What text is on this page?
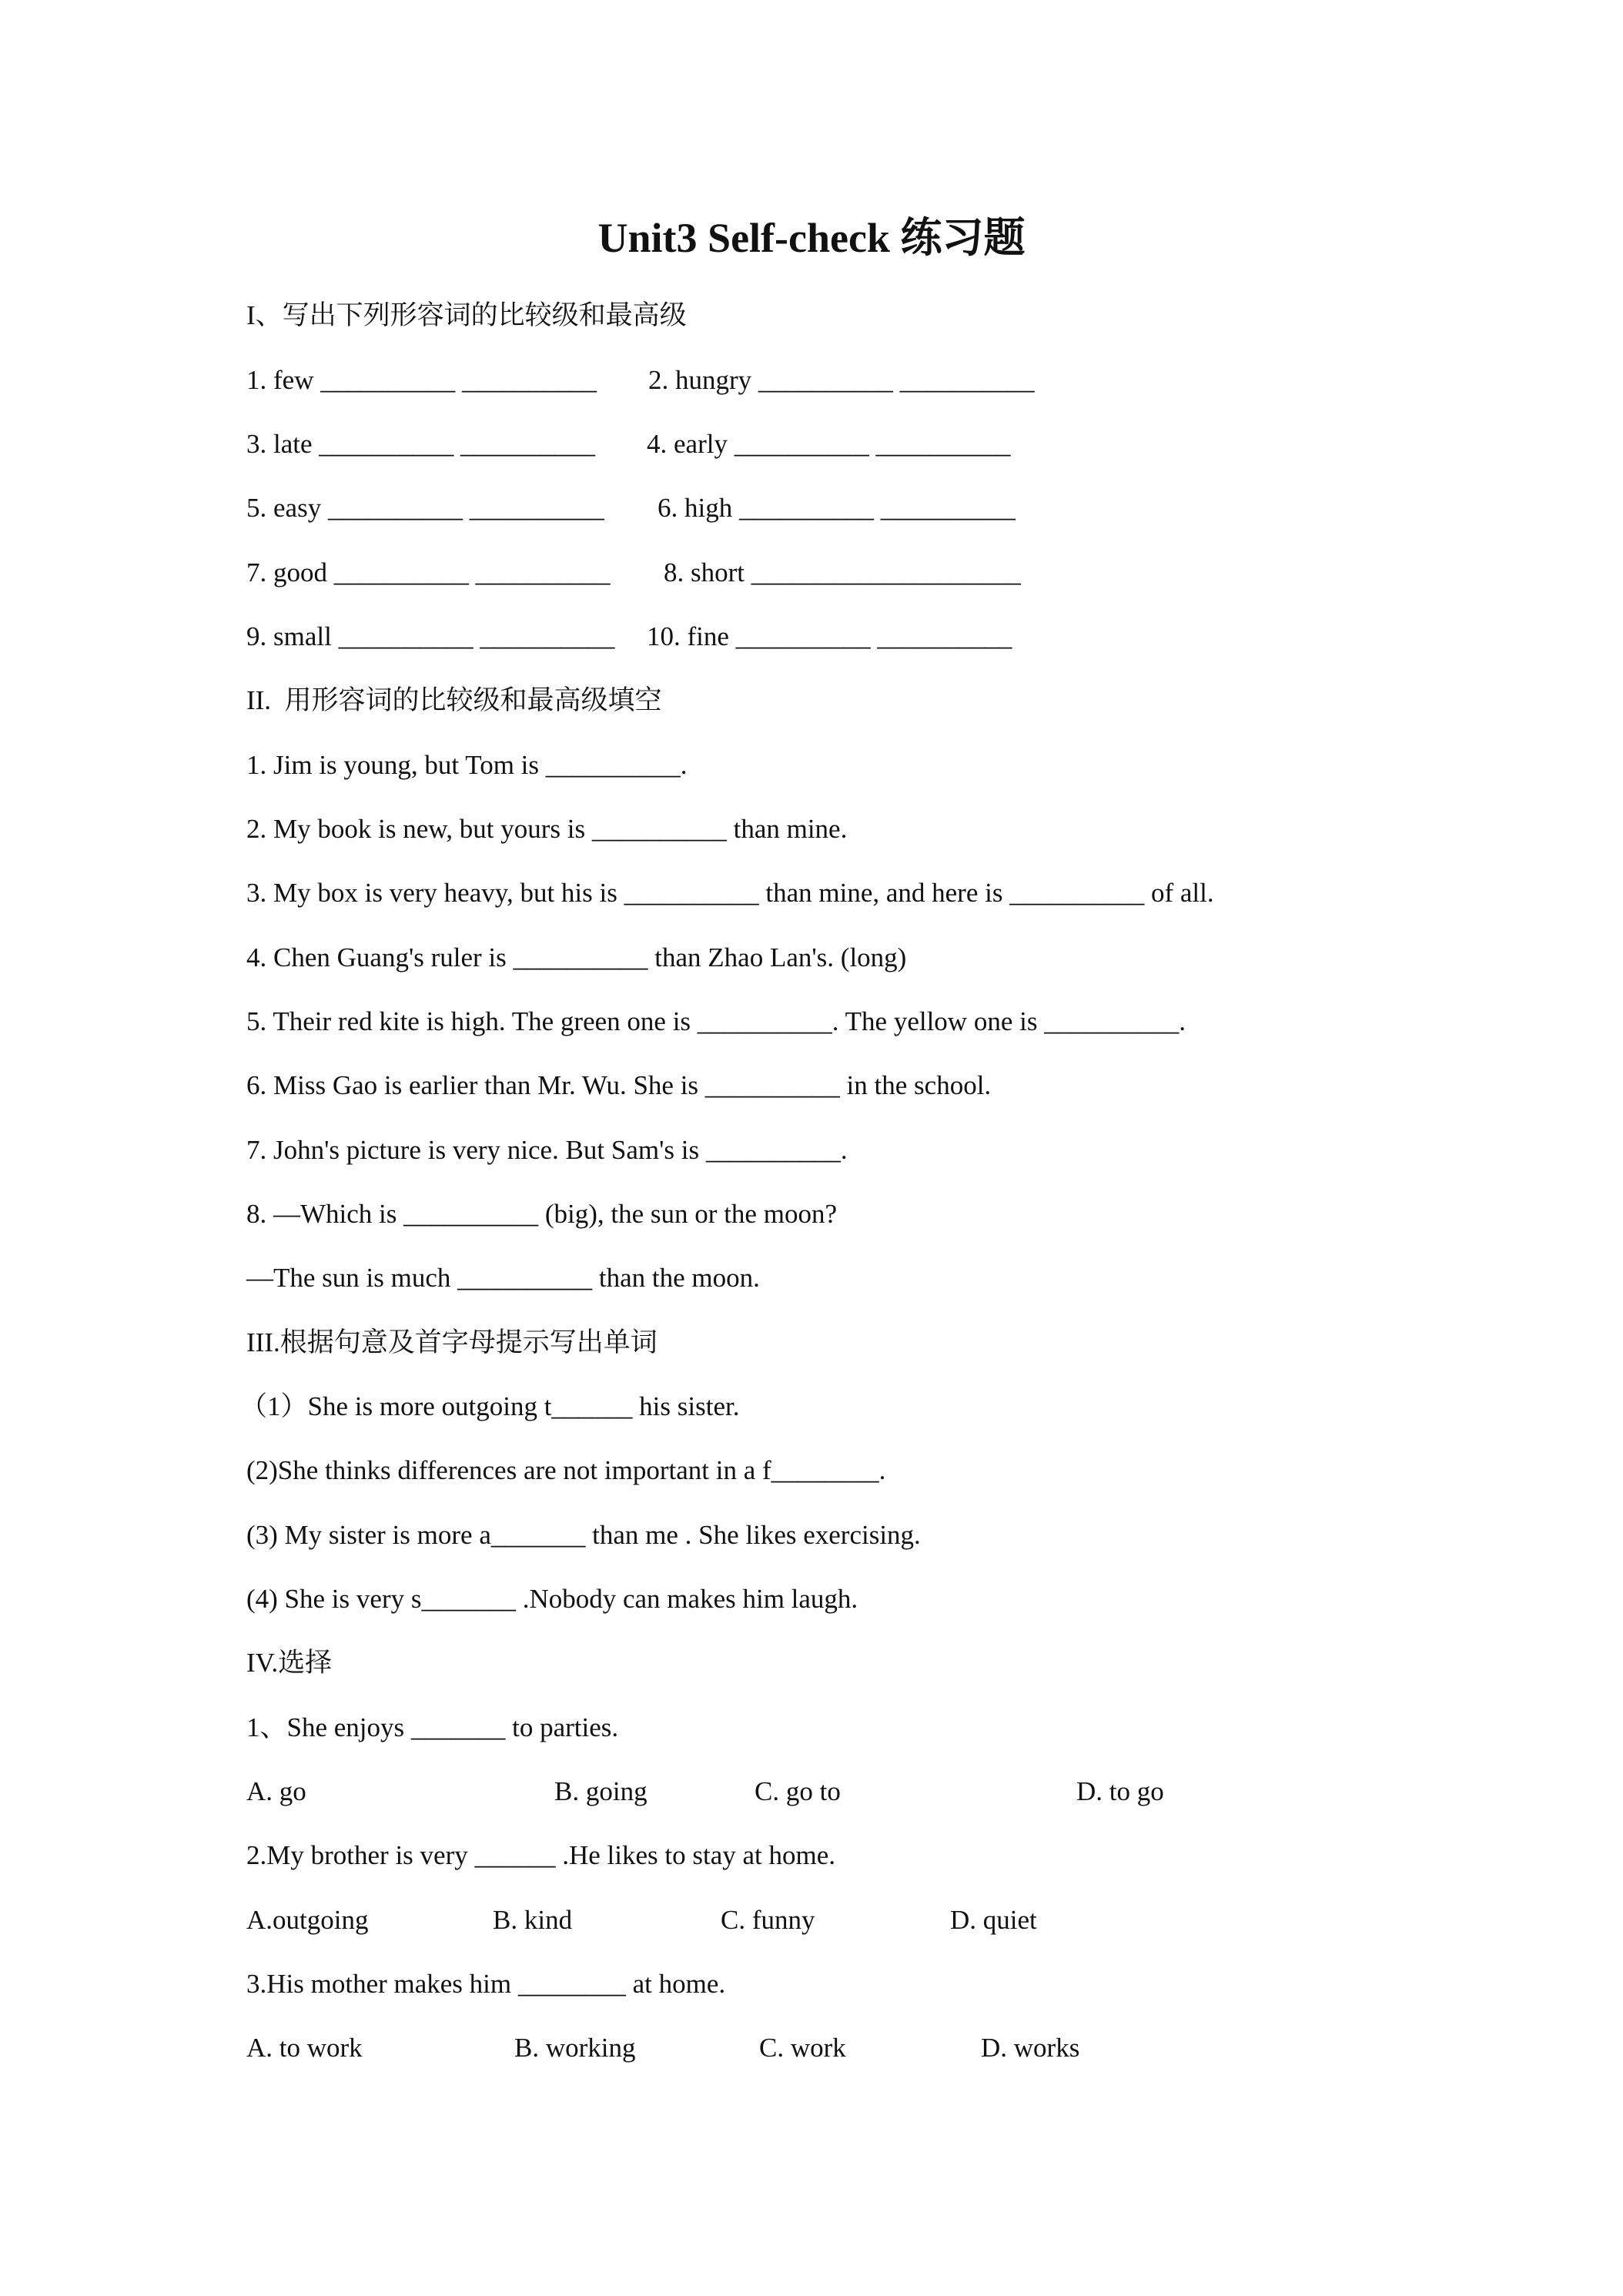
Unit3 Self-check 练习题
I、写出下列形容词的比较级和最高级

1. few __________ __________

2. hungry __________ __________

3. late __________ __________

4. early __________ __________

5. easy __________ __________

6. high __________ __________

7. good __________ __________

8. short ____________________

9. small __________ __________

10. fine __________ __________

II.  用形容词的比较级和最高级填空
1. Jim is young, but Tom is __________.
2. My book is new, but yours is __________ than mine.
3. My box is very heavy, but his is __________ than mine, and here is __________ of all.
4. Chen Guang's ruler is __________ than Zhao Lan's. (long)
5. Their red kite is high. The green one is __________. The yellow one is __________.
6. Miss Gao is earlier than Mr. Wu. She is __________ in the school.
7. John's picture is very nice. But Sam's is __________.
8. —Which is __________ (big), the sun or the moon?
—The sun is much __________ than the moon.
III.根据句意及首字母提示写出单词
（1）She is more outgoing t______ his sister.
(2)She thinks differences are not important in a f________.
(3) My sister is more a_______ than me . She likes exercising.
(4) She is very s_______ .Nobody can makes him laugh.
IV.选择
1、She enjoys _______ to parties.

A. go

	B. going

	C. go to

	D. to go

2.My brother is very ______ .He likes to stay at home.

A.outgoing

	B. kind

	C. funny

	D. quiet

3.His mother makes him ________ at home.

A. to work

	B. working

	C. work

	D. works
